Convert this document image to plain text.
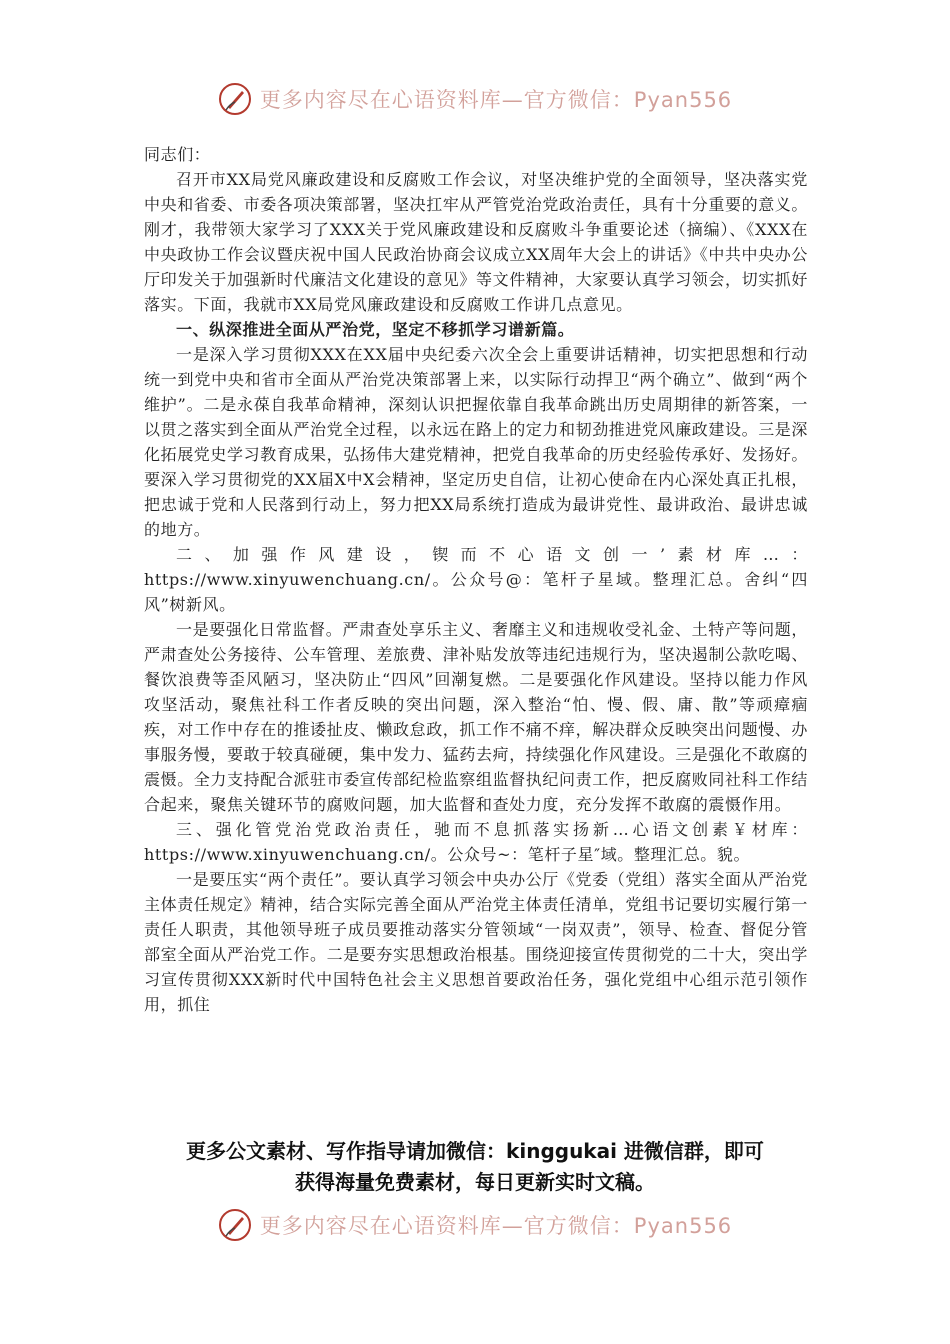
更多内容尽在心语资料库—官方微信：Pyan556

同志们：

召开市XX局党风廉政建设和反腐败工作会议，对坚决维护党的全面领导，坚决落实党中央和省委、市委各项决策部署，坚决扛牢从严管党治党政治责任，具有十分重要的意义。刚才，我带领大家学习了XXX关于党风廉政建设和反腐败斗争重要论述（摘编）、《XXX在中央政协工作会议暨庆祝中国人民政治协商会议成立XX周年大会上的讲话》《中共中央办公厅印发关于加强新时代廉洁文化建设的意见》等文件精神，大家要认真学习领会，切实抓好落实。下面，我就市XX局党风廉政建设和反腐败工作讲几点意见。

一、纵深推进全面从严治党，坚定不移抓学习谱新篇。

一是深入学习贯彻XXX在XX届中央纪委六次全会上重要讲话精神，切实把思想和行动统一到党中央和省市全面从严治党决策部署上来，以实际行动捍卫“两个确立”、做到“两个维护”。二是永葆自我革命精神，深刻认识把握依靠自我革命跳出历史周期律的新答案，一以贯之落实到全面从严治党全过程，以永远在路上的定力和韧劲推进党风廉政建设。三是深化拓展党史学习教育成果，弘扬伟大建党精神，把党自我革命的历史经验传承好、发扬好。要深入学习贯彻党的XX届X中X会精神，坚定历史自信，让初心使命在内心深处真正扎根，把忠诚于党和人民落到行动上，努力把XX局系统打造成为最讲党性、最讲政治、最讲忠诚的地方。

二、加强作风建设，锲而不心语文创一’素材库…：https://www.xinyuwenchuang.cn/。公众号@：笔杆子星域。整理汇总。舍纠“四风”树新风。

一是要强化日常监督。严肃查处享乐主义、奢靡主义和违规收受礼金、土特产等问题，严肃查处公务接待、公车管理、差旅费、津补贴发放等违纪违规行为，坚决遏制公款吃喝、餐饮浪费等歪风陋习，坚决防止“四风”回潮复燃。二是要强化作风建设。坚持以能力作风攻坚活动，聚焦社科工作者反映的突出问题，深入整治“怕、慢、假、庸、散”等顽瘴痼疾，对工作中存在的推诿扯皮、懒政怠政，抓工作不痛不痒，解决群众反映突出问题慢、办事服务慢，要敢于较真碰硬，集中发力、猛药去疴，持续强化作风建设。三是强化不敢腐的震慑。全力支持配合派驻市委宣传部纪检监察组监督执纪问责工作，把反腐败同社科工作结合起来，聚焦关键环节的腐败问题，加大监督和查处力度，充分发挥不敢腐的震慑作用。

三、强化管党治党政治责任，驰而不息抓落实扬新…心语文创素￥材库：https://www.xinyuwenchuang.cn/。公众号~：笔杆子星″域。整理汇总。貌。

一是要压实“两个责任”。要认真学习领会中央办公厅《党委（党组）落实全面从严治党主体责任规定》精神，结合实际完善全面从严治党主体责任清单，党组书记要切实履行第一责任人职责，其他领导班子成员要推动落实分管领域“一岗双责”，领导、检查、督促分管部室全面从严治党工作。二是要夯实思想政治根基。围绕迎接宣传贯彻党的二十大，突出学习宣传贯彻XXX新时代中国特色社会主义思想首要政治任务，强化党组中心组示范引领作用，抓住

更多公文素材、写作指导请加微信：kinggukai 进微信群，即可
获得海量免费素材，每日更新实时文稿。
更多内容尽在心语资料库—官方微信：Pyan556
